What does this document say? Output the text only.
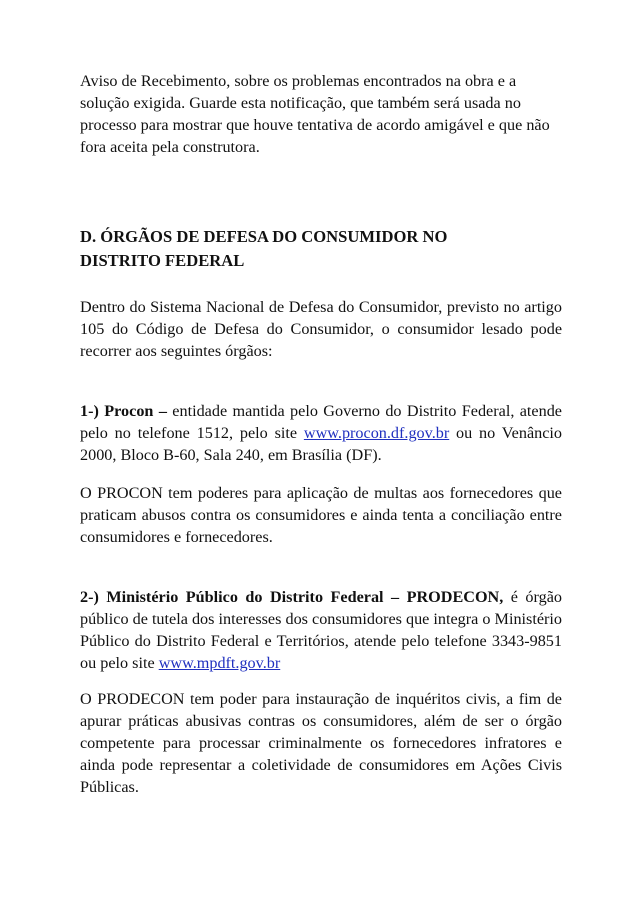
Aviso de Recebimento, sobre os problemas encontrados na obra e a solução exigida. Guarde esta notificação, que também será usada no processo para mostrar que houve tentativa de acordo amigável e que não fora aceita pela construtora.

D. ÓRGÃOS DE DEFESA DO CONSUMIDOR NO
DISTRITO FEDERAL

Dentro do Sistema Nacional de Defesa do Consumidor, previsto no artigo 105 do Código de Defesa do Consumidor, o consumidor lesado pode recorrer aos seguintes órgãos:

1-) Procon – entidade mantida pelo Governo do Distrito Federal, atende pelo no telefone 1512, pelo site www.procon.df.gov.br ou no Venâncio 2000, Bloco B-60, Sala 240, em Brasília (DF).

O PROCON tem poderes para aplicação de multas aos fornecedores que praticam abusos contra os consumidores e ainda tenta a conciliação entre consumidores e fornecedores.

2-) Ministério Público do Distrito Federal – PRODECON, é órgão público de tutela dos interesses dos consumidores que integra o Ministério Público do Distrito Federal e Territórios, atende pelo telefone 3343-9851 ou pelo site www.mpdft.gov.br

O PRODECON tem poder para instauração de inquéritos civis, a fim de apurar práticas abusivas contras os consumidores, além de ser o órgão competente para processar criminalmente os fornecedores infratores e ainda pode representar a coletividade de consumidores em Ações Civis Públicas.
